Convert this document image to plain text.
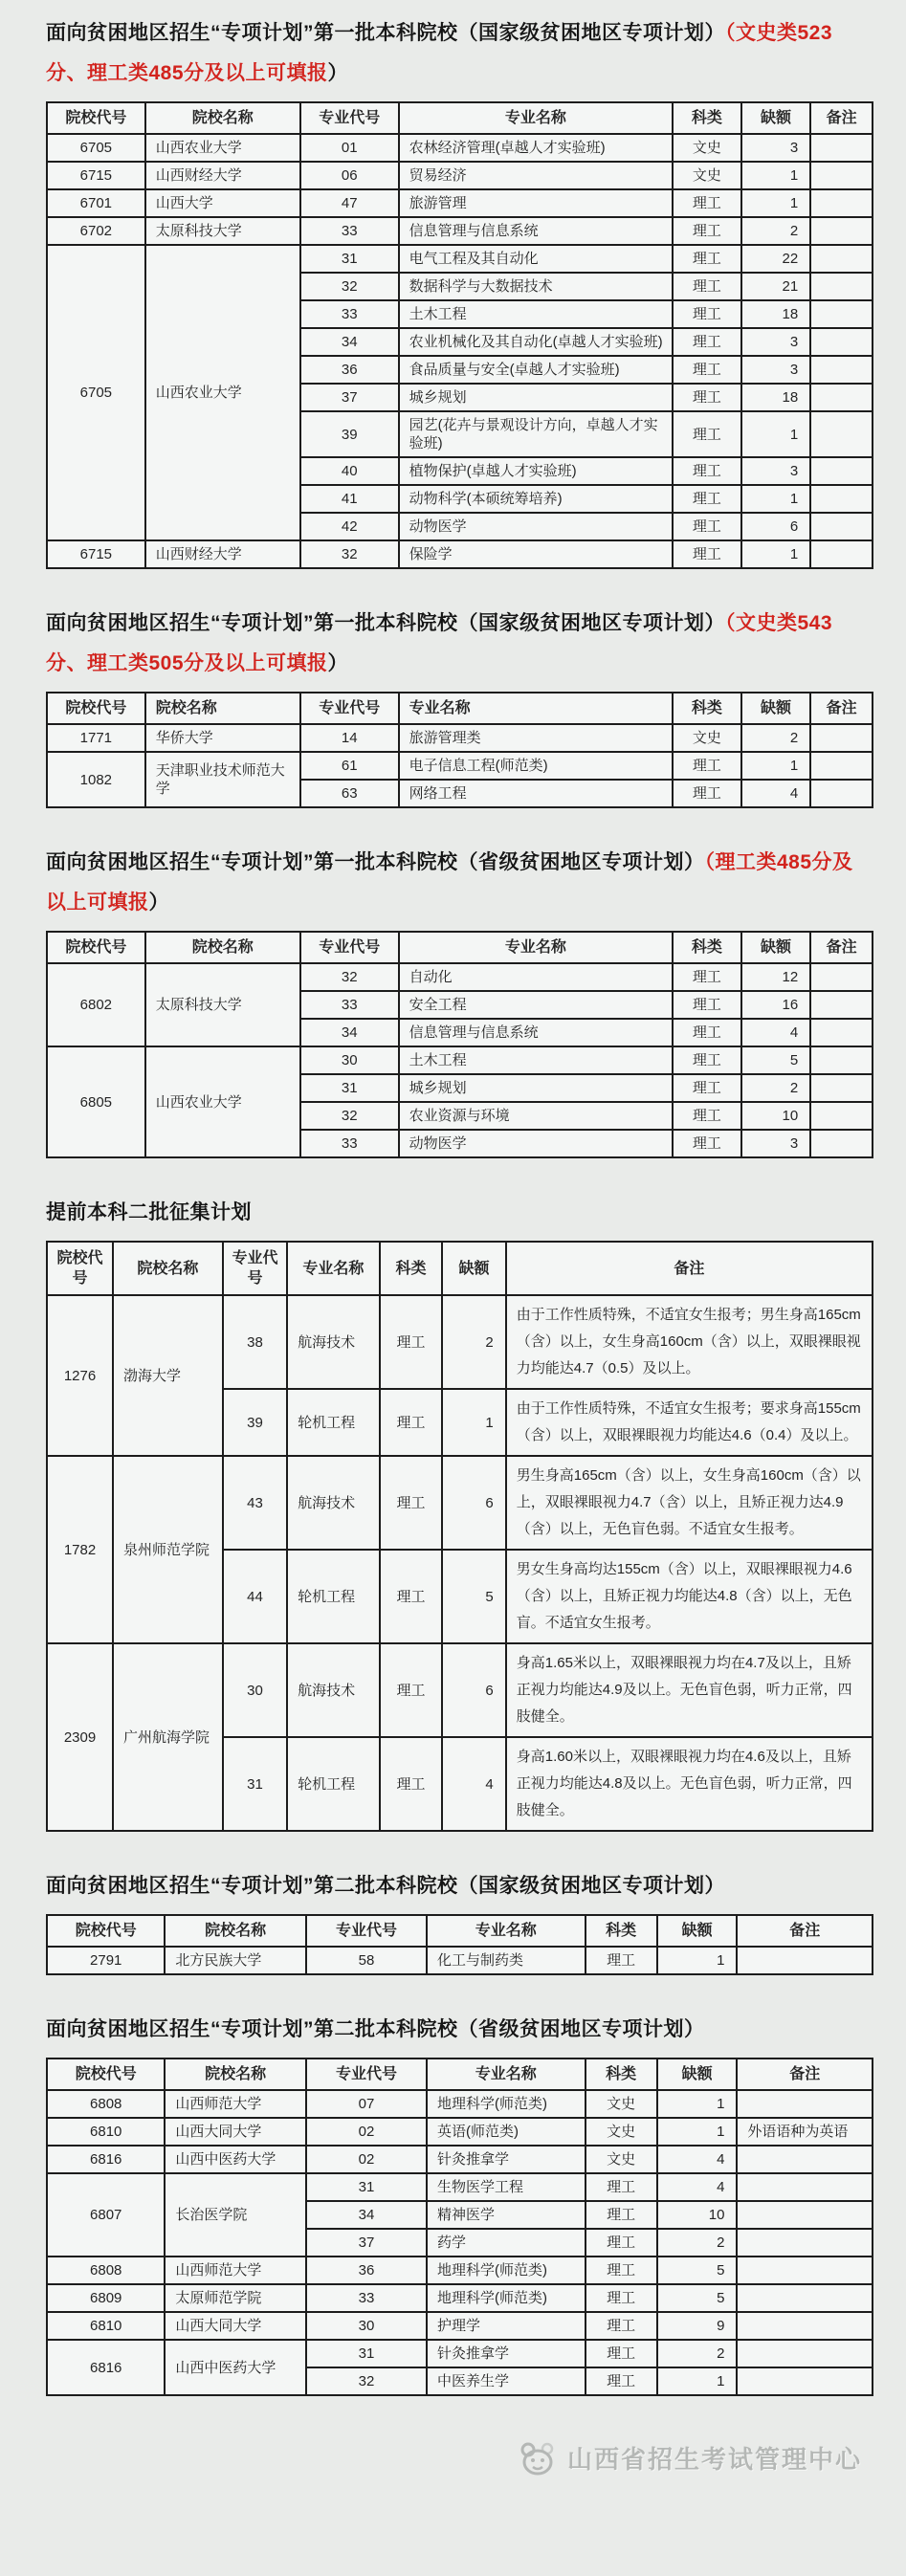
面向贫困地区招生“专项计划”第一批本科院校（国家级贫困地区专项计划）（文史类523分、理工类485分及以上可填报）
院校代号	院校名称	专业代号	专业名称	科类	缺额	备注
6705	山西农业大学	01	农林经济管理(卓越人才实验班)	文史	3	
6715	山西财经大学	06	贸易经济	文史	1	
6701	山西大学	47	旅游管理	理工	1	
6702	太原科技大学	33	信息管理与信息系统	理工	2	
6705	山西农业大学	31	电气工程及其自动化	理工	22	
		32	数据科学与大数据技术	理工	21	
		33	土木工程	理工	18	
		34	农业机械化及其自动化(卓越人才实验班)	理工	3	
		36	食品质量与安全(卓越人才实验班)	理工	3	
		37	城乡规划	理工	18	
		39	园艺(花卉与景观设计方向，卓越人才实验班)	理工	1	
		40	植物保护(卓越人才实验班)	理工	3	
		41	动物科学(本硕统筹培养)	理工	1	
		42	动物医学	理工	6	
6715	山西财经大学	32	保险学	理工	1	
面向贫困地区招生“专项计划”第一批本科院校（国家级贫困地区专项计划）（文史类543分、理工类505分及以上可填报）
院校代号	院校名称	专业代号	专业名称	科类	缺额	备注
1771	华侨大学	14	旅游管理类	文史	2	
1082	天津职业技术师范大学	61	电子信息工程(师范类)	理工	1	
		63	网络工程	理工	4	
面向贫困地区招生“专项计划”第一批本科院校（省级贫困地区专项计划）（理工类485分及以上可填报）
院校代号	院校名称	专业代号	专业名称	科类	缺额	备注
6802	太原科技大学	32	自动化	理工	12	
		33	安全工程	理工	16	
		34	信息管理与信息系统	理工	4	
6805	山西农业大学	30	土木工程	理工	5	
		31	城乡规划	理工	2	
		32	农业资源与环境	理工	10	
		33	动物医学	理工	3	
提前本科二批征集计划
院校代号	院校名称	专业代号	专业名称	科类	缺额	备注
1276	渤海大学	38	航海技术	理工	2	由于工作性质特殊，不适宜女生报考；男生身高165cm（含）以上，女生身高160cm（含）以上，双眼裸眼视力均能达4.7（0.5）及以上。
		39	轮机工程	理工	1	由于工作性质特殊，不适宜女生报考；要求身高155cm（含）以上，双眼裸眼视力均能达4.6（0.4）及以上。
1782	泉州师范学院	43	航海技术	理工	6	男生身高165cm（含）以上，女生身高160cm（含）以上，双眼裸眼视力4.7（含）以上，且矫正视力达4.9（含）以上，无色盲色弱。不适宜女生报考。
		44	轮机工程	理工	5	男女生身高均达155cm（含）以上，双眼裸眼视力4.6（含）以上，且矫正视力均能达4.8（含）以上，无色盲。不适宜女生报考。
2309	广州航海学院	30	航海技术	理工	6	身高1.65米以上，双眼裸眼视力均在4.7及以上，且矫正视力均能达4.9及以上。无色盲色弱，听力正常，四肢健全。
		31	轮机工程	理工	4	身高1.60米以上，双眼裸眼视力均在4.6及以上，且矫正视力均能达4.8及以上。无色盲色弱，听力正常，四肢健全。
面向贫困地区招生“专项计划”第二批本科院校（国家级贫困地区专项计划）
院校代号	院校名称	专业代号	专业名称	科类	缺额	备注
2791	北方民族大学	58	化工与制药类	理工	1	
面向贫困地区招生“专项计划”第二批本科院校（省级贫困地区专项计划）
院校代号	院校名称	专业代号	专业名称	科类	缺额	备注
6808	山西师范大学	07	地理科学(师范类)	文史	1	
6810	山西大同大学	02	英语(师范类)	文史	1	外语语种为英语
6816	山西中医药大学	02	针灸推拿学	文史	4	
6807	长治医学院	31	生物医学工程	理工	4	
		34	精神医学	理工	10	
		37	药学	理工	2	
6808	山西师范大学	36	地理科学(师范类)	理工	5	
6809	太原师范学院	33	地理科学(师范类)	理工	5	
6810	山西大同大学	30	护理学	理工	9	
6816	山西中医药大学	31	针灸推拿学	理工	2	
		32	中医养生学	理工	1	
山西省招生考试管理中心
